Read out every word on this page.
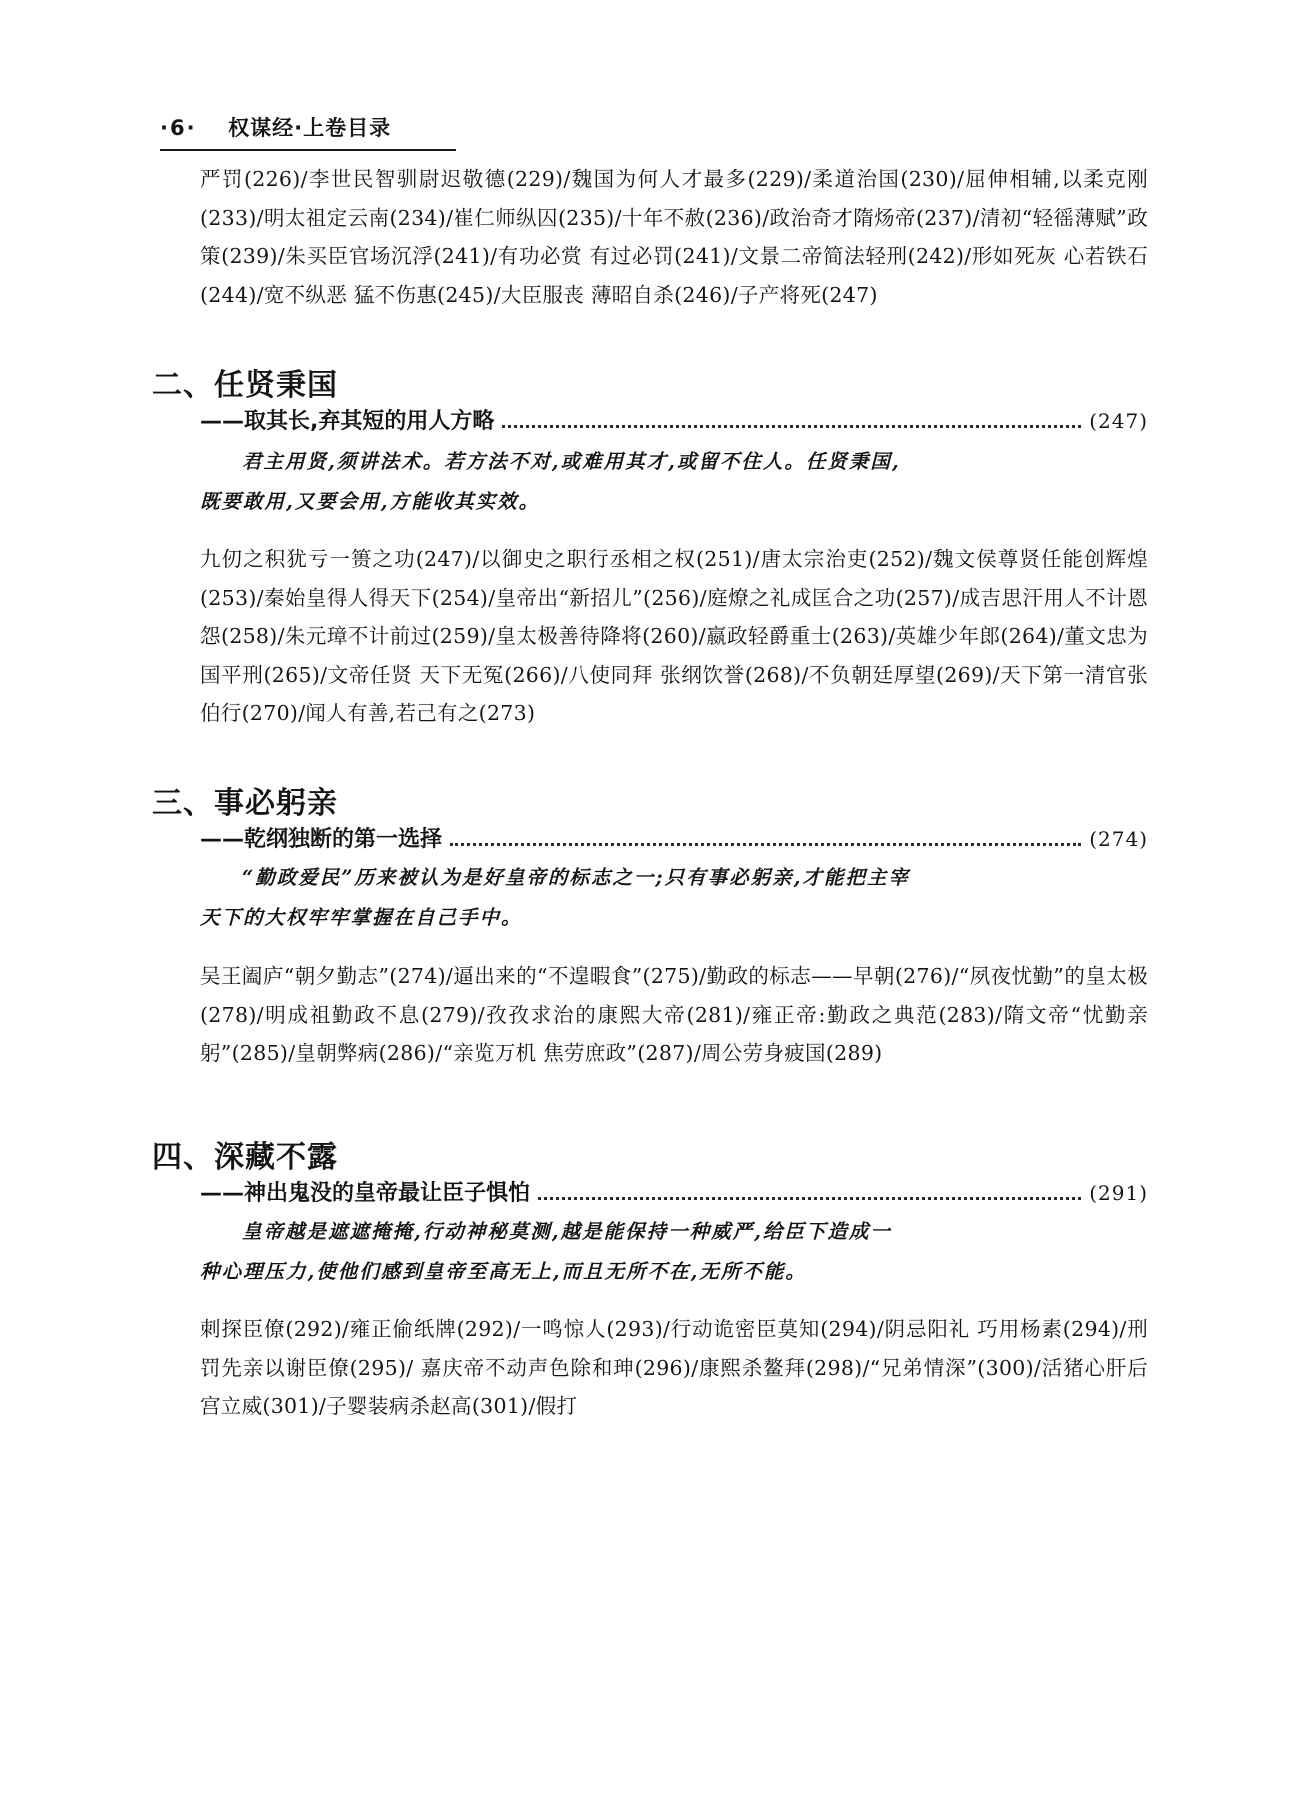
·6· 权谋经·上卷目录
严罚(226)/李世民智驯尉迟敬德(229)/魏国为何人才最多(229)/柔道治国(230)/屈伸相辅,以柔克刚(233)/明太祖定云南(234)/崔仁师纵囚(235)/十年不赦(236)/政治奇才隋炀帝(237)/清初“轻徭薄赋”政策(239)/朱买臣官场沉浮(241)/有功必赏 有过必罚(241)/文景二帝简法轻刑(242)/形如死灰 心若铁石(244)/宽不纵恶 猛不伤惠(245)/大臣服丧 薄昭自杀(246)/子产将死(247)
二、任贤秉国
——取其长,弃其短的用人方略	(247)
君主用贤,须讲法术。若方法不对,或难用其才,或留不住人。任贤秉国,
既要敢用,又要会用,方能收其实效。
九仞之积犹亏一篑之功(247)/以御史之职行丞相之权(251)/唐太宗治吏(252)/魏文侯尊贤任能创辉煌(253)/秦始皇得人得天下(254)/皇帝出“新招儿”(256)/庭燎之礼成匡合之功(257)/成吉思汗用人不计恩怨(258)/朱元璋不计前过(259)/皇太极善待降将(260)/嬴政轻爵重士(263)/英雄少年郎(264)/董文忠为国平刑(265)/文帝任贤 天下无冤(266)/八使同拜 张纲饮誉(268)/不负朝廷厚望(269)/天下第一清官张伯行(270)/闻人有善,若己有之(273)
三、事必躬亲
——乾纲独断的第一选择	(274)
“勤政爱民”历来被认为是好皇帝的标志之一;只有事必躬亲,才能把主宰
天下的大权牢牢掌握在自己手中。
吴王阖庐“朝夕勤志”(274)/逼出来的“不遑暇食”(275)/勤政的标志——早朝(276)/“夙夜忧勤”的皇太极(278)/明成祖勤政不息(279)/孜孜求治的康熙大帝(281)/雍正帝:勤政之典范(283)/隋文帝“忧勤亲躬”(285)/皇朝弊病(286)/“亲览万机 焦劳庶政”(287)/周公劳身疲国(289)
四、深藏不露
——神出鬼没的皇帝最让臣子惧怕	(291)
皇帝越是遮遮掩掩,行动神秘莫测,越是能保持一种威严,给臣下造成一
种心理压力,使他们感到皇帝至高无上,而且无所不在,无所不能。
刺探臣僚(292)/雍正偷纸牌(292)/一鸣惊人(293)/行动诡密臣莫知(294)/阴忌阳礼 巧用杨素(294)/刑罚先亲以谢臣僚(295)/ 嘉庆帝不动声色除和珅(296)/康熙杀鳌拜(298)/“兄弟情深”(300)/活猪心肝后宫立威(301)/子婴装病杀赵高(301)/假打
